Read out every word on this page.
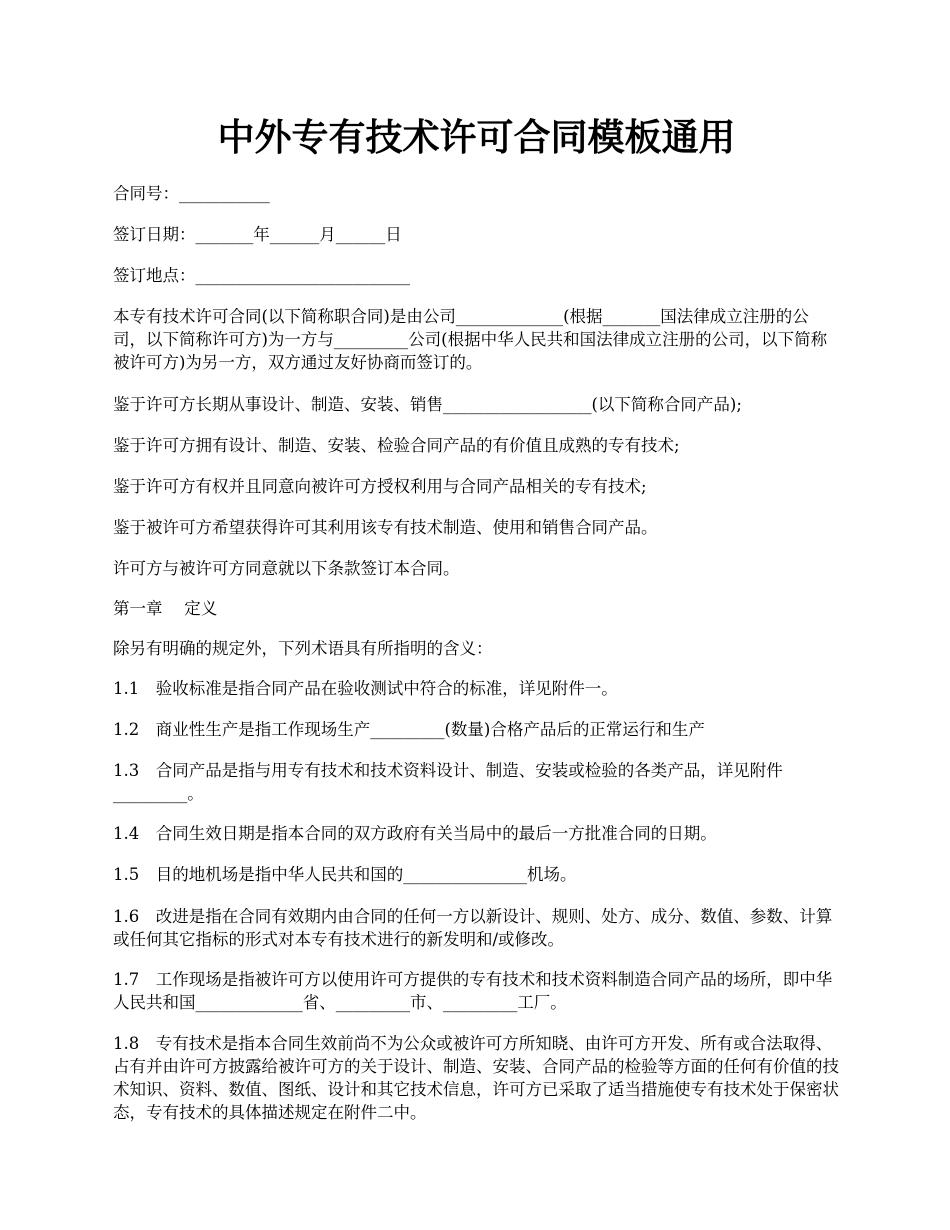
中外专有技术许可合同模板通用

合同号：___________

签订日期：_______年______月______日

签订地点：__________________________

本专有技术许可合同(以下简称职合同)是由公司_____________(根据_______国法律成立注册的公司，以下简称许可方)为一方与_________公司(根据中华人民共和国法律成立注册的公司，以下简称被许可方)为另一方，双方通过友好协商而签订的。

鉴于许可方长期从事设计、制造、安装、销售__________________(以下简称合同产品);

鉴于许可方拥有设计、制造、安装、检验合同产品的有价值且成熟的专有技术;

鉴于许可方有权并且同意向被许可方授权利用与合同产品相关的专有技术;

鉴于被许可方希望获得许可其利用该专有技术制造、使用和销售合同产品。

许可方与被许可方同意就以下条款签订本合同。

第一章　 定义

除另有明确的规定外，下列术语具有所指明的含义：

1.1　验收标准是指合同产品在验收测试中符合的标准，详见附件一。

1.2　商业性生产是指工作现场生产_________(数量)合格产品后的正常运行和生产

1.3　合同产品是指与用专有技术和技术资料设计、制造、安装或检验的各类产品，详见附件_________。

1.4　合同生效日期是指本合同的双方政府有关当局中的最后一方批准合同的日期。

1.5　目的地机场是指中华人民共和国的_______________机场。

1.6　改进是指在合同有效期内由合同的任何一方以新设计、规则、处方、成分、数值、参数、计算或任何其它指标的形式对本专有技术进行的新发明和/或修改。

1.7　工作现场是指被许可方以使用许可方提供的专有技术和技术资料制造合同产品的场所，即中华人民共和国_____________省、_________市、_________工厂。

1.8　专有技术是指本合同生效前尚不为公众或被许可方所知晓、由许可方开发、所有或合法取得、占有并由许可方披露给被许可方的关于设计、制造、安装、合同产品的检验等方面的任何有价值的技术知识、资料、数值、图纸、设计和其它技术信息，许可方已采取了适当措施使专有技术处于保密状态，专有技术的具体描述规定在附件二中。
